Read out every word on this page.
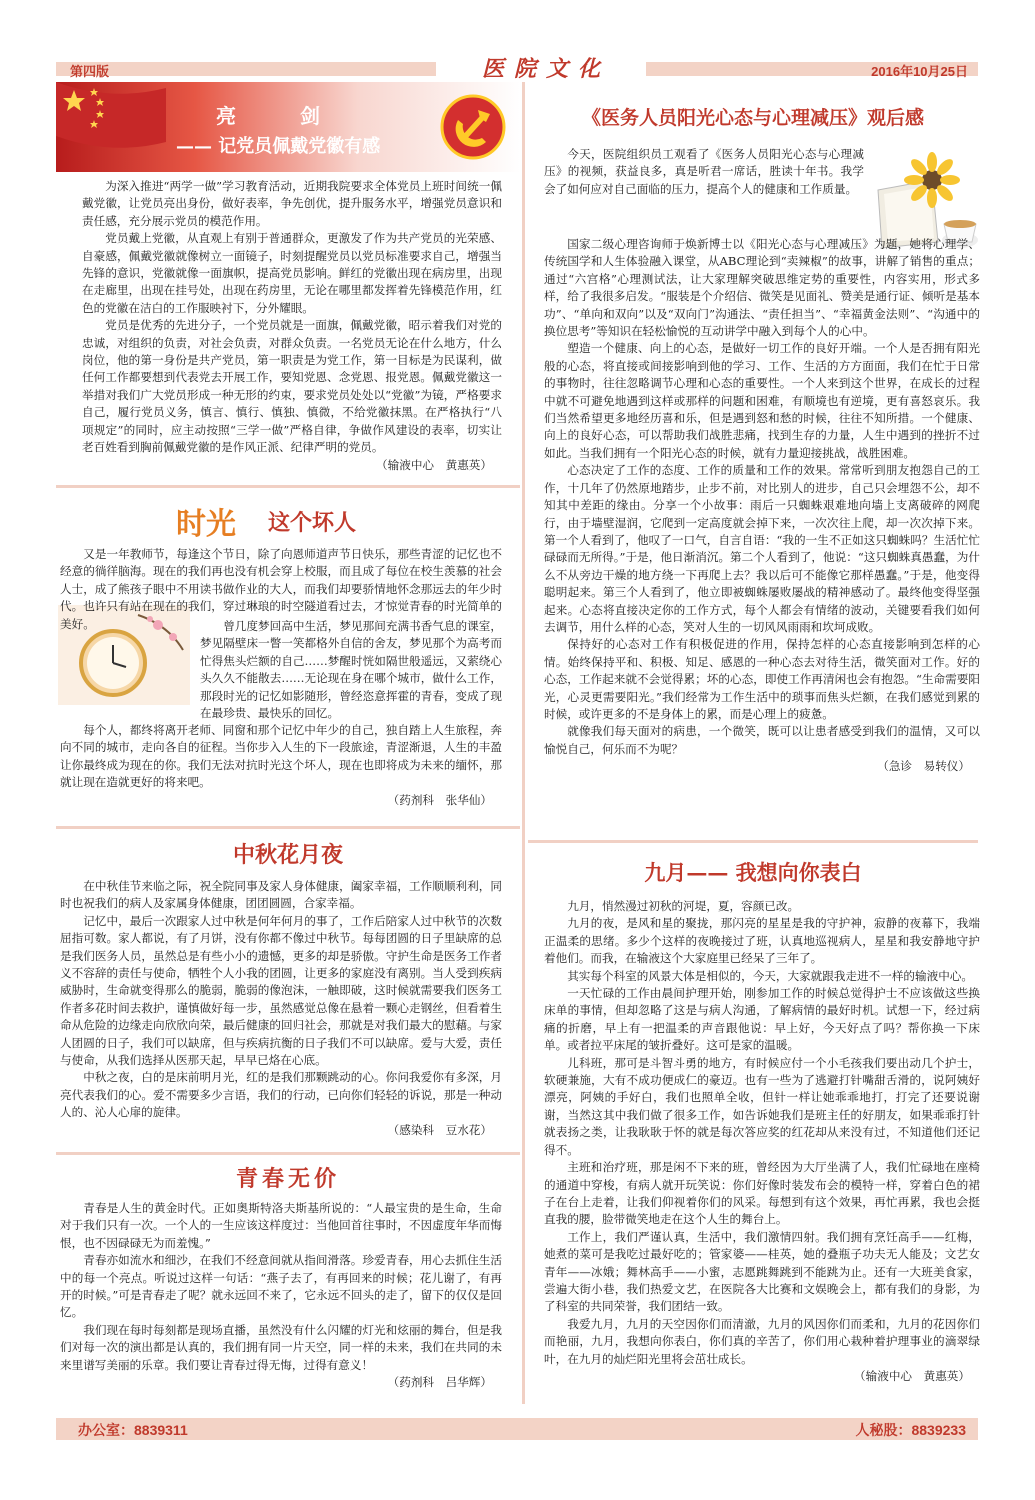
第四版	医院文化	2016年10月25日
亮　剑
—— 记党员佩戴党徽有感

为深入推进“两学一做”学习教育活动，近期我院要求全体党员上班时间统一佩戴党徽，让党员亮出身份，做好表率，争先创优，提升服务水平，增强党员意识和责任感，充分展示党员的模范作用。

党员戴上党徽，从直观上有别于普通群众，更激发了作为共产党员的光荣感、自豪感，佩戴党徽就像树立一面镜子，时刻提醒党员以党员标准要求自己，增强当先锋的意识，党徽就像一面旗帜，提高党员影响。鲜红的党徽出现在病房里，出现在走廊里，出现在挂号处，出现在药房里，无论在哪里都发挥着先锋模范作用，红色的党徽在洁白的工作服映衬下，分外耀眼。

党员是优秀的先进分子，一个党员就是一面旗，佩戴党徽，昭示着我们对党的忠诚，对组织的负责，对社会负责，对群众负责。一名党员无论在什么地方，什么岗位，他的第一身份是共产党员，第一职责是为党工作，第一目标是为民谋利，做任何工作都要想到代表党去开展工作，要知党恩、念党恩、报党恩。佩戴党徽这一举措对我们广大党员形成一种无形的约束，要求党员处处以“党徽”为镜，严格要求自己，履行党员义务，慎言、慎行、慎独、慎微，不给党徽抹黑。在严格执行“八项规定”的同时，应主动按照“三学一做”严格自律，争做作风建设的表率，切实让老百姓看到胸前佩戴党徽的是作风正派、纪律严明的党员。

（输液中心　黄惠英）
时光 这个坏人

又是一年教师节，每逢这个节日，除了向恩师道声节日快乐，那些青涩的记忆也不经意的徜徉脑海。现在的我们再也没有机会穿上校服，而且成了每位在校生羡慕的社会人士，成了熊孩子眼中不用读书做作业的大人，而我们却要骄情地怀念那远去的年少时代。也许只有站在现在的我们，穿过琳琅的时空隧道看过去，才惊觉青春的时光简单的美好。	曾几度梦回高中生活，梦见那间充满书香气息的课室，梦见隔壁床一瞥一笑都格外自信的舍友，梦见那个为高考而忙得焦头烂额的自己……梦醒时恍如隔世般遥远，又萦绕心头久久不能散去……无论现在身在哪个城市，做什么工作，那段时光的记忆如影随形，曾经恣意挥霍的青春，变成了现在最珍贵、最快乐的回忆。

每个人，都终将离开老师、同窗和那个记忆中年少的自己，独自踏上人生旅程，奔向不同的城市，走向各自的征程。当你步入人生的下一段旅途，青涩渐退，人生的丰盈让你最终成为现在的你。我们无法对抗时光这个坏人，现在也即将成为未来的缅怀，那就让现在造就更好的将来吧。

（药剂科　张华仙）
中秋花月夜

在中秋佳节来临之际，祝全院同事及家人身体健康，阖家幸福，工作顺顺利利，同时也祝我们的病人及家属身体健康，团团圆圆，合家幸福。

记忆中，最后一次跟家人过中秋是何年何月的事了，工作后陪家人过中秋节的次数屈指可数。家人都说，有了月饼，没有你都不像过中秋节。每每团圆的日子里缺席的总是我们医务人员，虽然总是有些小小的遗憾，更多的却是骄傲。守护生命是医务工作者义不容辞的责任与使命，牺牲个人小我的团圆，让更多的家庭没有离别。当人受到疾病威胁时，生命就变得那么的脆弱，脆弱的像泡沫，一触即破，这时候就需要我们医务工作者多花时间去救护，谨慎做好每一步，虽然感觉总像在悬着一颗心走钢丝，但看着生命从危险的边缘走向欣欣向荣，最后健康的回归社会，那就是对我们最大的慰藉。与家人团圆的日子，我们可以缺席，但与疾病抗衡的日子我们不可以缺席。爱与大爱，责任与使命，从我们选择从医那天起，早早已烙在心底。

中秋之夜，白的是床前明月光，红的是我们那颗跳动的心。你问我爱你有多深，月亮代表我们的心。爱不需要多少言语，我们的行动，已向你们轻轻的诉说，那是一种动人的、沁人心扉的旋律。

（感染科　豆水花）
青春无价

青春是人生的黄金时代。正如奥斯特洛夫斯基所说的：“人最宝贵的是生命，生命对于我们只有一次。一个人的一生应该这样度过：当他回首往事时，不因虚度年华而悔恨，也不因碌碌无为而羞愧。”

青春亦如流水和细沙，在我们不经意间就从指间滑落。珍爱青春，用心去抓住生活中的每一个亮点。听说过这样一句话：“燕子去了，有再回来的时候；花儿谢了，有再开的时候。”可是青春走了呢？就永远回不来了，它永远不回头的走了，留下的仅仅是回忆。

我们现在每时每刻都是现场直播，虽然没有什么闪耀的灯光和炫丽的舞台，但是我们对每一次的演出都是认真的，我们拥有同一片天空，同一样的未来，我们在共同的未来里谱写美丽的乐章。我们要让青春过得无悔，过得有意义！

（药剂科　吕华辉）
《医务人员阳光心态与心理减压》观后感

今天，医院组织员工观看了《医务人员阳光心态与心理减压》的视频，获益良多，真是听君一席话，胜读十年书。我学会了如何应对自己面临的压力，提高个人的健康和工作质量。

国家二级心理咨询师于焕新博士以《阳光心态与心理减压》为题，她将心理学、传统国学和人生体验融入课堂，从ABC理论到“卖辣椒”的故事，讲解了销售的重点；通过“六宫格”心理测试法，让大家理解突破思维定势的重要性，内容实用，形式多样，给了我很多启发。“服装是个介绍信、微笑是见面礼、赞美是通行证、倾听是基本功”、“单向和双向”以及“双向门”沟通法、“责任担当”、“幸福黄金法则”、“沟通中的换位思考”等知识在轻松愉悦的互动讲学中融入到每个人的心中。

塑造一个健康、向上的心态，是做好一切工作的良好开端。一个人是否拥有阳光般的心态，将直接或间接影响到他的学习、工作、生活的方方面面，我们在忙于日常的事物时，往往忽略调节心理和心态的重要性。一个人来到这个世界，在成长的过程中就不可避免地遇到这样或那样的问题和困难，有顺境也有逆境，更有喜怒哀乐。我们当然希望更多地经历喜和乐，但是遇到怒和愁的时候，往往不知所措。一个健康、向上的良好心态，可以帮助我们战胜悲痛，找到生存的力量，人生中遇到的挫折不过如此。当我们拥有一个阳光心态的时候，就有力量迎接挑战，战胜困难。

心态决定了工作的态度、工作的质量和工作的效果。常常听到朋友抱怨自己的工作，十几年了仍然原地踏步，止步不前，对比别人的进步，自己只会埋怨不公，却不知其中差距的缘由。分享一个小故事：雨后一只蜘蛛艰难地向墙上支离破碎的网爬行，由于墙壁湿润，它爬到一定高度就会掉下来，一次次往上爬，却一次次掉下来。第一个人看到了，他叹了一口气，自言自语：“我的一生不正如这只蜘蛛吗？生活忙忙碌碌而无所得。”于是，他日渐消沉。第二个人看到了，他说：“这只蜘蛛真愚蠢，为什么不从旁边干燥的地方绕一下再爬上去？我以后可不能像它那样愚蠢。”于是，他变得聪明起来。第三个人看到了，他立即被蜘蛛屡败屡战的精神感动了。最终他变得坚强起来。心态将直接决定你的工作方式，每个人都会有情绪的波动，关键要看我们如何去调节，用什么样的心态，笑对人生的一切风风雨雨和坎坷成败。

保持好的心态对工作有积极促进的作用，保持怎样的心态直接影响到怎样的心情。始终保持平和、积极、知足、感恩的一种心态去对待生活，微笑面对工作。好的心态，工作起来就不会觉得累；坏的心态，即使工作再清闲也会有抱怨。“生命需要阳光，心灵更需要阳光。”我们经常为工作生活中的琐事而焦头烂额，在我们感觉到累的时候，或许更多的不是身体上的累，而是心理上的疲惫。

就像我们每天面对的病患，一个微笑，既可以让患者感受到我们的温情，又可以愉悦自己，何乐而不为呢？

（急诊　易转仪）
九月—— 我想向你表白

九月，悄然漫过初秋的河堤，夏，容颜已改。

九月的夜，是风和星的聚拢，那闪亮的星星是我的守护神，寂静的夜幕下，我端正温柔的思绪。多少个这样的夜晚接过了班，认真地巡视病人，星星和我安静地守护着他们。而我，在输液这个大家庭里已经呆了三年了。

其实每个科室的风景大体是相似的，今天，大家就跟我走进不一样的输液中心。

一天忙碌的工作由晨间护理开始，刚参加工作的时候总觉得护士不应该做这些换床单的事情，但却忽略了这是与病人沟通，了解病情的最好时机。试想一下，经过病痛的折磨，早上有一把温柔的声音跟他说：早上好，今天好点了吗？帮你换一下床单。或者拉平床尾的皱折叠好。这可是家的温暖。

儿科班，那可是斗智斗勇的地方，有时候应付一个小毛孩我们要出动几个护士，软硬兼施，大有不成功便成仁的豪迈。也有一些为了逃避打针嘴甜舌滑的，说阿姨好漂亮，阿姨的手好白，我们也照单全收，但针一样让她乖乖地打，打完了还要说谢谢，当然这其中我们做了很多工作，如告诉她我们是班主任的好朋友，如果乖乖打针就表扬之类，让我耿耿于怀的就是每次答应奖的红花却从来没有过，不知道他们还记得不。

主班和治疗班，那是闲不下来的班，曾经因为大厅坐满了人，我们忙碌地在座椅的通道中穿梭，有病人就开玩笑说：你们好像时装发布会的模特一样，穿着白色的裙子在台上走着，让我们仰视着你们的风采。每想到有这个效果，再忙再累，我也会挺直我的腰，脸带微笑地走在这个人生的舞台上。

工作上，我们严谨认真，生活中，我们激情四射。我们拥有烹饪高手——红梅，她煮的菜可是我吃过最好吃的；管家婆——桂英，她的叠瓶子功夫无人能及；文艺女青年——冰娥；舞林高手——小蜜，志愿跳舞跳到不能跳为止。还有一大班美食家，尝遍大街小巷，我们热爱文艺，在医院各大比赛和文娱晚会上，都有我们的身影，为了科室的共同荣誉，我们团结一致。

我爱九月，九月的天空因你们而清澈，九月的风因你们而柔和，九月的花因你们而艳丽，九月，我想向你表白，你们真的辛苦了，你们用心栽种着护理事业的滴翠绿叶，在九月的灿烂阳光里将会茁壮成长。

（输液中心　黄惠英）
办公室：8839311	人秘股：8839233
